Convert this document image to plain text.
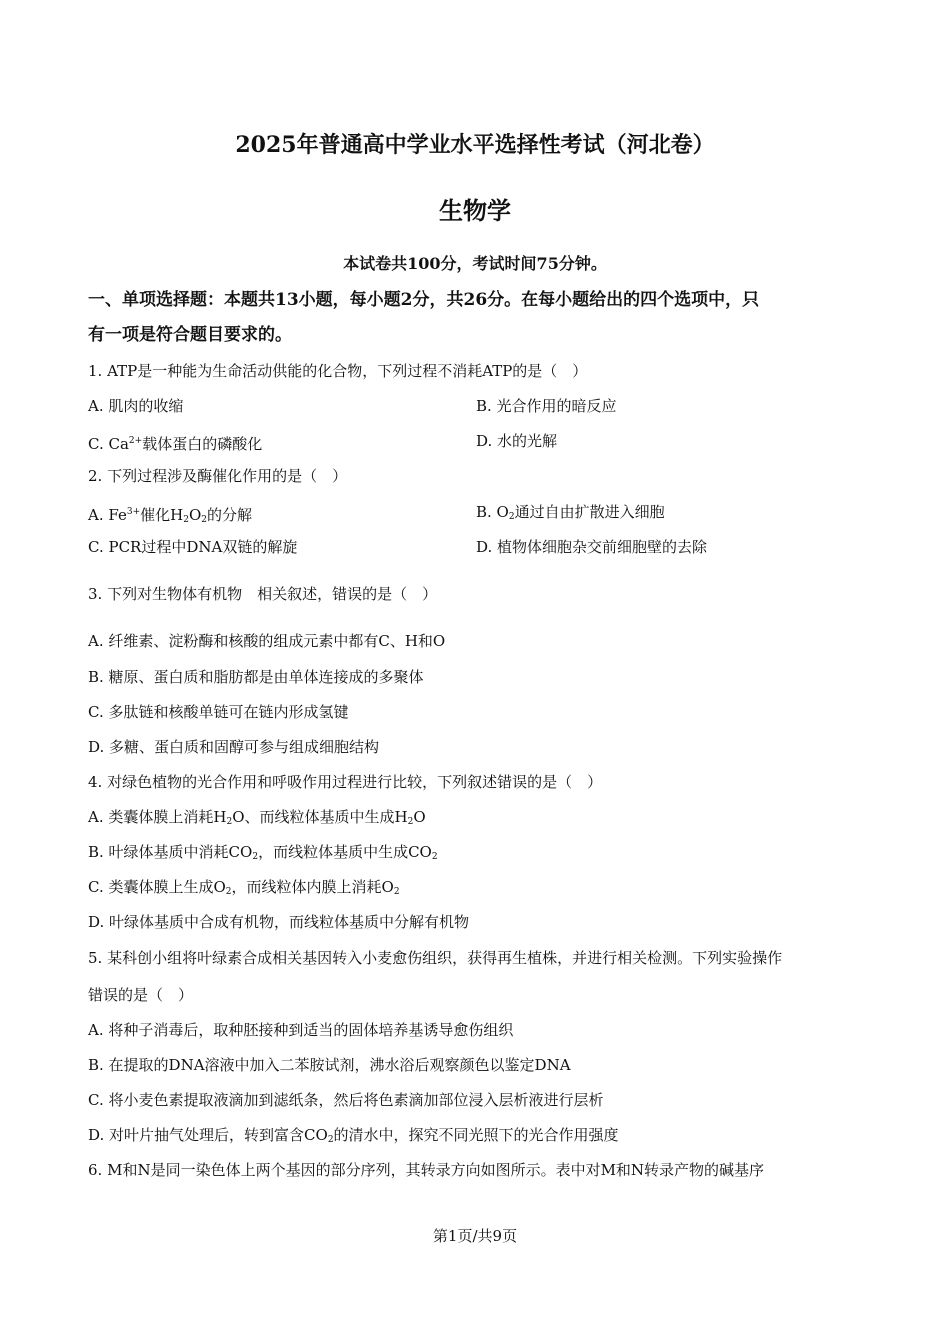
2025年普通高中学业水平选择性考试（河北卷）
生物学
本试卷共100分，考试时间75分钟。
一、单项选择题：本题共13小题，每小题2分，共26分。在每小题给出的四个选项中，只
有一项是符合题目要求的。
1. ATP是一种能为生命活动供能的化合物，下列过程不消耗ATP的是（　）
A. 肌肉的收缩	B. 光合作用的暗反应
C. $Ca^{2+}$载体蛋白的磷酸化	D. 水的光解
2. 下列过程涉及酶催化作用的是（　）
A. $Fe^{3+}$催化$H_2O_2$的分解	B. $O_2$通过自由扩散进入细胞
C. PCR过程中DNA双链的解旋	D. 植物体细胞杂交前细胞壁的去除
3. 下列对生物体有机物　相关叙述，错误的是（　）
A. 纤维素、淀粉酶和核酸的组成元素中都有C、H和O
B. 糖原、蛋白质和脂肪都是由单体连接成的多聚体
C. 多肽链和核酸单链可在链内形成氢键
D. 多糖、蛋白质和固醇可参与组成细胞结构
4. 对绿色植物的光合作用和呼吸作用过程进行比较，下列叙述错误的是（　）
A. 类囊体膜上消耗$H_2O$、而线粒体基质中生成$H_2O$
B. 叶绿体基质中消耗$CO_2$，而线粒体基质中生成$CO_2$
C. 类囊体膜上生成$O_2$，而线粒体内膜上消耗$O_2$
D. 叶绿体基质中合成有机物，而线粒体基质中分解有机物
5. 某科创小组将叶绿素合成相关基因转入小麦愈伤组织，获得再生植株，并进行相关检测。下列实验操作
错误的是（　）
A. 将种子消毒后，取种胚接种到适当的固体培养基诱导愈伤组织
B. 在提取的DNA溶液中加入二苯胺试剂，沸水浴后观察颜色以鉴定DNA
C. 将小麦色素提取液滴加到滤纸条，然后将色素滴加部位浸入层析液进行层析
D. 对叶片抽气处理后，转到富含$CO_2$的清水中，探究不同光照下的光合作用强度
6. M和N是同一染色体上两个基因的部分序列，其转录方向如图所示。表中对M和N转录产物的碱基序
第1页/共9页
